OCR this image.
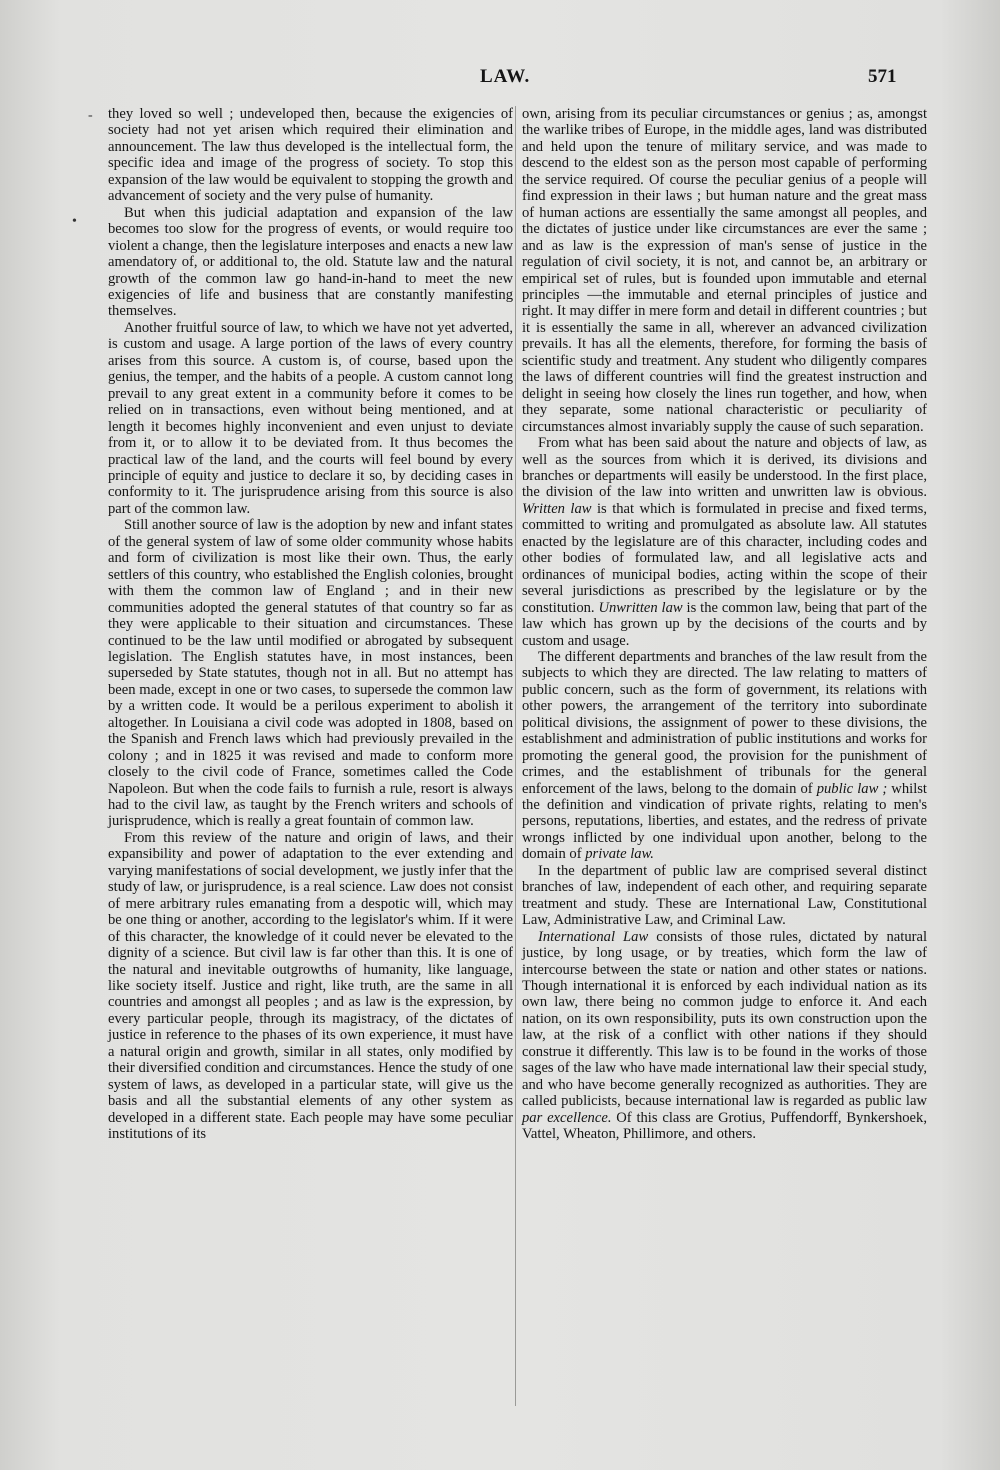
LAW.	571
-
•

they loved so well ; undeveloped then, because the exigencies of society had not yet arisen which required their elimination and announcement. The law thus developed is the intellectual form, the specific idea and image of the progress of society. To stop this expansion of the law would be equivalent to stopping the growth and advancement of society and the very pulse of humanity.

But when this judicial adaptation and expansion of the law becomes too slow for the progress of events, or would require too violent a change, then the legislature interposes and enacts a new law amendatory of, or additional to, the old. Statute law and the natural growth of the common law go hand-in-hand to meet the new exigencies of life and business that are constantly manifesting themselves.

Another fruitful source of law, to which we have not yet adverted, is custom and usage. A large portion of the laws of every country arises from this source. A custom is, of course, based upon the genius, the temper, and the habits of a people. A custom cannot long prevail to any great extent in a community before it comes to be relied on in transactions, even without being mentioned, and at length it becomes highly inconvenient and even unjust to deviate from it, or to allow it to be deviated from. It thus becomes the practical law of the land, and the courts will feel bound by every principle of equity and justice to declare it so, by deciding cases in conformity to it. The jurisprudence arising from this source is also part of the common law.

Still another source of law is the adoption by new and infant states of the general system of law of some older community whose habits and form of civilization is most like their own. Thus, the early settlers of this country, who established the English colonies, brought with them the common law of England ; and in their new communities adopted the general statutes of that country so far as they were applicable to their situation and circumstances. These continued to be the law until modified or abrogated by subsequent legislation. The English statutes have, in most instances, been superseded by State statutes, though not in all. But no attempt has been made, except in one or two cases, to supersede the common law by a written code. It would be a perilous experiment to abolish it altogether. In Louisiana a civil code was adopted in 1808, based on the Spanish and French laws which had previously prevailed in the colony ; and in 1825 it was revised and made to conform more closely to the civil code of France, sometimes called the Code Napoleon. But when the code fails to furnish a rule, resort is always had to the civil law, as taught by the French writers and schools of jurisprudence, which is really a great fountain of common law.

From this review of the nature and origin of laws, and their expansibility and power of adaptation to the ever extending and varying manifestations of social development, we justly infer that the study of law, or jurisprudence, is a real science. Law does not consist of mere arbitrary rules emanating from a despotic will, which may be one thing or another, according to the legislator's whim. If it were of this character, the knowledge of it could never be elevated to the dignity of a science. But civil law is far other than this. It is one of the natural and inevitable outgrowths of humanity, like language, like society itself. Justice and right, like truth, are the same in all countries and amongst all peoples ; and as law is the expression, by every particular people, through its magistracy, of the dictates of justice in reference to the phases of its own experience, it must have a natural origin and growth, similar in all states, only modified by their diversified condition and circumstances. Hence the study of one system of laws, as developed in a particular state, will give us the basis and all the substantial elements of any other system as developed in a different state. Each people may have some peculiar institutions of its

own, arising from its peculiar circumstances or genius ; as, amongst the warlike tribes of Europe, in the middle ages, land was distributed and held upon the tenure of military service, and was made to descend to the eldest son as the person most capable of performing the service required. Of course the peculiar genius of a people will find expression in their laws ; but human nature and the great mass of human actions are essentially the same amongst all peoples, and the dictates of justice under like circumstances are ever the same ; and as law is the expression of man's sense of justice in the regulation of civil society, it is not, and cannot be, an arbitrary or empirical set of rules, but is founded upon immutable and eternal principles —the immutable and eternal principles of justice and right. It may differ in mere form and detail in different countries ; but it is essentially the same in all, wherever an advanced civilization prevails. It has all the elements, therefore, for forming the basis of scientific study and treatment. Any student who diligently compares the laws of different countries will find the greatest instruction and delight in seeing how closely the lines run together, and how, when they separate, some national characteristic or peculiarity of circumstances almost invariably supply the cause of such separation.

From what has been said about the nature and objects of law, as well as the sources from which it is derived, its divisions and branches or departments will easily be understood. In the first place, the division of the law into written and unwritten law is obvious. Written law is that which is formulated in precise and fixed terms, committed to writing and promulgated as absolute law. All statutes enacted by the legislature are of this character, including codes and other bodies of formulated law, and all legislative acts and ordinances of municipal bodies, acting within the scope of their several jurisdictions as prescribed by the legislature or by the constitution. Unwritten law is the common law, being that part of the law which has grown up by the decisions of the courts and by custom and usage.

The different departments and branches of the law result from the subjects to which they are directed. The law relating to matters of public concern, such as the form of government, its relations with other powers, the arrangement of the territory into subordinate political divisions, the assignment of power to these divisions, the establishment and administration of public institutions and works for promoting the general good, the provision for the punishment of crimes, and the establishment of tribunals for the general enforcement of the laws, belong to the domain of public law ; whilst the definition and vindication of private rights, relating to men's persons, reputations, liberties, and estates, and the redress of private wrongs inflicted by one individual upon another, belong to the domain of private law.

In the department of public law are comprised several distinct branches of law, independent of each other, and requiring separate treatment and study. These are International Law, Constitutional Law, Administrative Law, and Criminal Law.

International Law consists of those rules, dictated by natural justice, by long usage, or by treaties, which form the law of intercourse between the state or nation and other states or nations. Though international it is enforced by each individual nation as its own law, there being no common judge to enforce it. And each nation, on its own responsibility, puts its own construction upon the law, at the risk of a conflict with other nations if they should construe it differently. This law is to be found in the works of those sages of the law who have made international law their special study, and who have become generally recognized as authorities. They are called publicists, because international law is regarded as public law par excellence. Of this class are Grotius, Puffendorff, Bynkershoek, Vattel, Wheaton, Phillimore, and others.
